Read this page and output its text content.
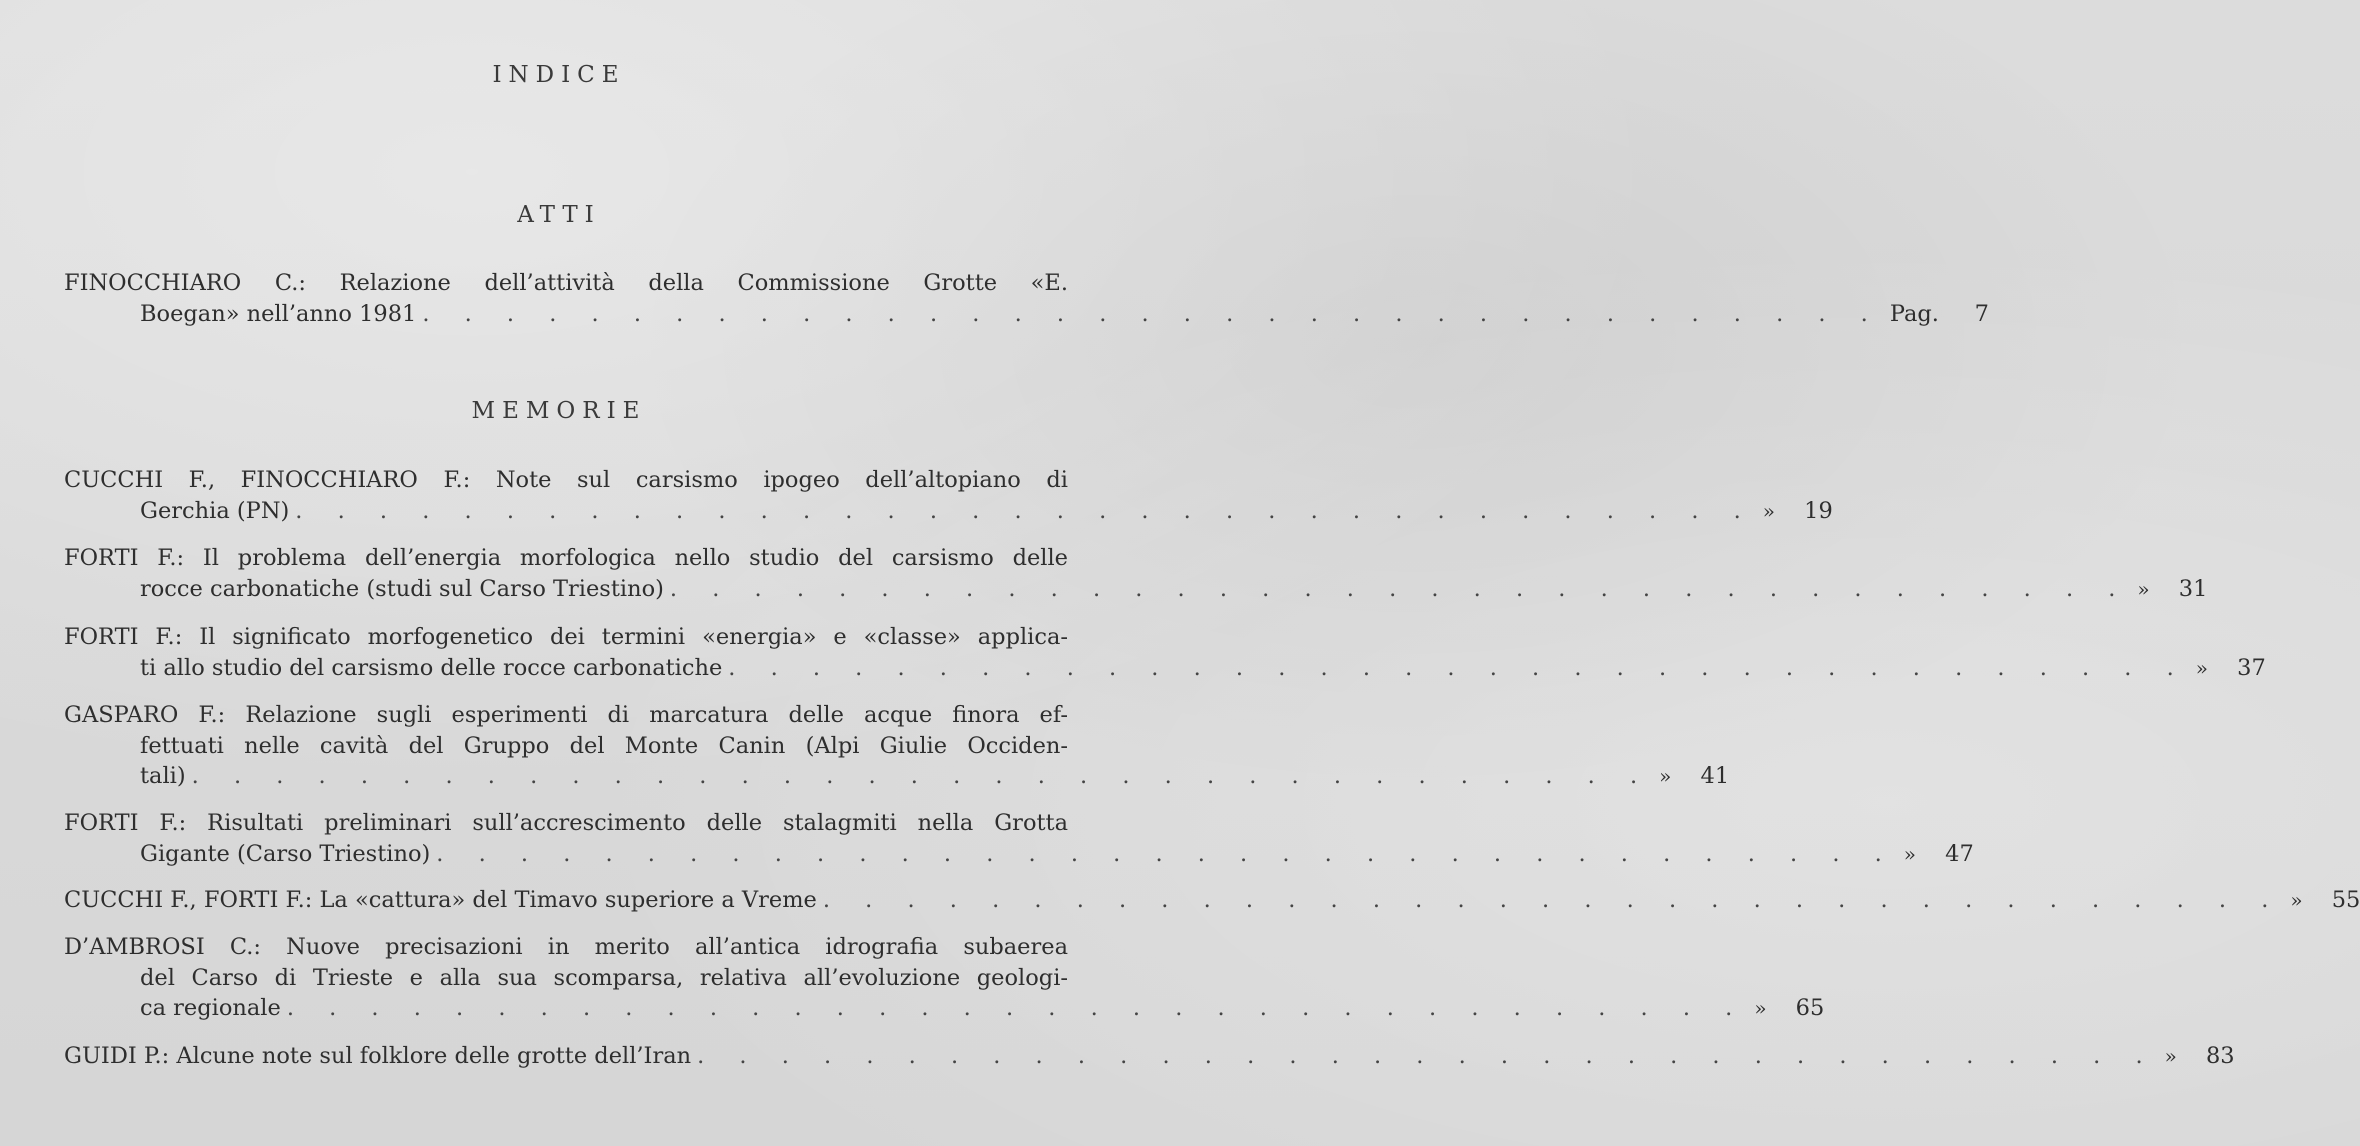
INDICE
ATTI
FINOCCHIARO C.: Relazione dell’attività della Commissione Grotte «E.
Boegan» nell’anno 1981 . . . . . . . . . . . . . . . . . . . . . . . . . . . . . . . . . . . Pag.	7
MEMORIE
CUCCHI F., FINOCCHIARO F.: Note sul carsismo ipogeo dell’altopiano di
Gerchia (PN) . . . . . . . . . . . . . . . . . . . . . . . . . . . . . . . . . . . »	19
FORTI F.: Il problema dell’energia morfologica nello studio del carsismo delle
rocce carbonatiche (studi sul Carso Triestino) . . . . . . . . . . . . . . . . . . . . . . . . . . . . . . . . . . . »	31
FORTI F.: Il significato morfogenetico dei termini «energia» e «classe» applica-
ti allo studio del carsismo delle rocce carbonatiche . . . . . . . . . . . . . . . . . . . . . . . . . . . . . . . . . . . »	37
GASPARO F.: Relazione sugli esperimenti di marcatura delle acque finora ef-
fettuati nelle cavità del Gruppo del Monte Canin (Alpi Giulie Occiden-
tali) . . . . . . . . . . . . . . . . . . . . . . . . . . . . . . . . . . . »	41
FORTI F.: Risultati preliminari sull’accrescimento delle stalagmiti nella Grotta
Gigante (Carso Triestino) . . . . . . . . . . . . . . . . . . . . . . . . . . . . . . . . . . . »	47
CUCCHI F., FORTI F.: La «cattura» del Timavo superiore a Vreme . . . . . . . . . . . . . . . . . . . . . . . . . . . . . . . . . . . »	55
D’AMBROSI C.: Nuove precisazioni in merito all’antica idrografia subaerea
del Carso di Trieste e alla sua scomparsa, relativa all’evoluzione geologi-
ca regionale . . . . . . . . . . . . . . . . . . . . . . . . . . . . . . . . . . . »	65
GUIDI P.: Alcune note sul folklore delle grotte dell’Iran . . . . . . . . . . . . . . . . . . . . . . . . . . . . . . . . . . . »	83
